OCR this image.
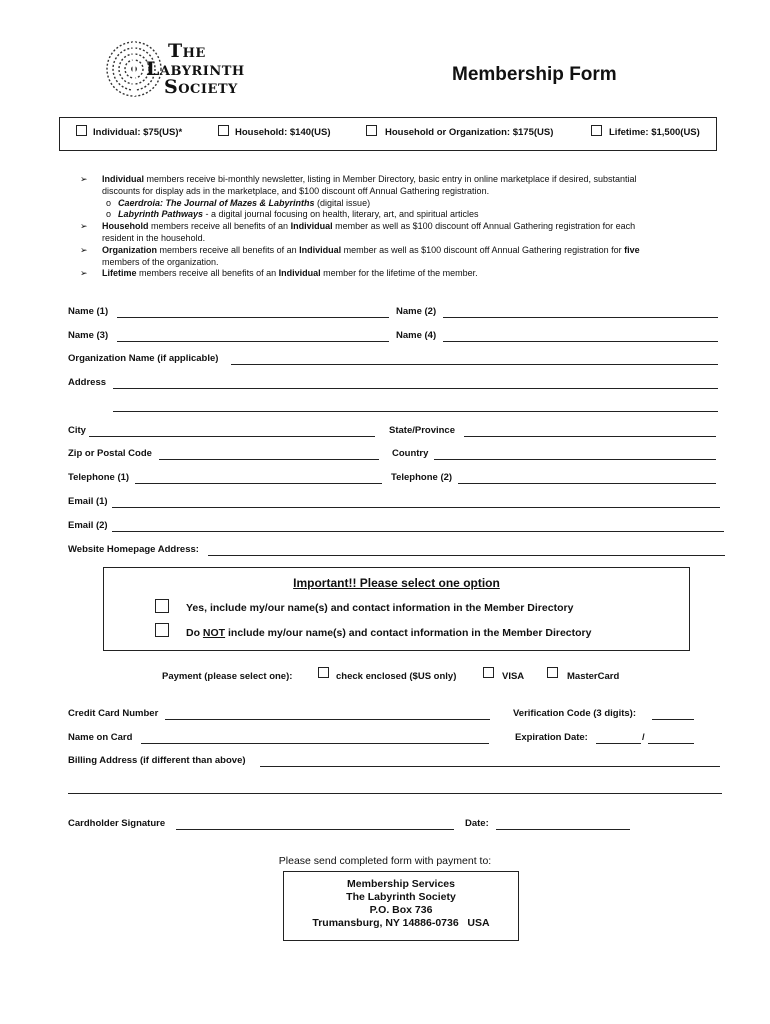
The
Labyrinth
Society
Membership Form
Individual: $75(US)*	Household: $140(US)	Household or Organization: $175(US)	Lifetime: $1,500(US)
➢ Individual members receive bi-monthly newsletter, listing in Member Directory, basic entry in online marketplace if desired, substantial
discounts for display ads in the marketplace, and $100 discount off Annual Gathering registration.
o Caerdroia: The Journal of Mazes & Labyrinths (digital issue)
o Labyrinth Pathways - a digital journal focusing on health, literary, art, and spiritual articles
➢ Household members receive all benefits of an Individual member as well as $100 discount off Annual Gathering registration for each
resident in the household.
➢ Organization members receive all benefits of an Individual member as well as $100 discount off Annual Gathering registration for five
members of the organization.
➢ Lifetime members receive all benefits of an Individual member for the lifetime of the member.
Name (1)	Name (2)
Name (3)	Name (4)
Organization Name (if applicable)
Address
City	State/Province
Zip or Postal Code	Country
Telephone (1)	Telephone (2)
Email (1)
Email (2)
Website Homepage Address:
Important!! Please select one option
Yes, include my/our name(s) and contact information in the Member Directory
Do NOT include my/our name(s) and contact information in the Member Directory
Payment (please select one):	check enclosed ($US only)	VISA	MasterCard
Credit Card Number	Verification Code (3 digits):
Name on Card	Expiration Date:	/
Billing Address (if different than above)
Cardholder Signature	Date:
Please send completed form with payment to:
Membership Services
The Labyrinth Society
P.O. Box 736
Trumansburg, NY 14886-0736   USA
